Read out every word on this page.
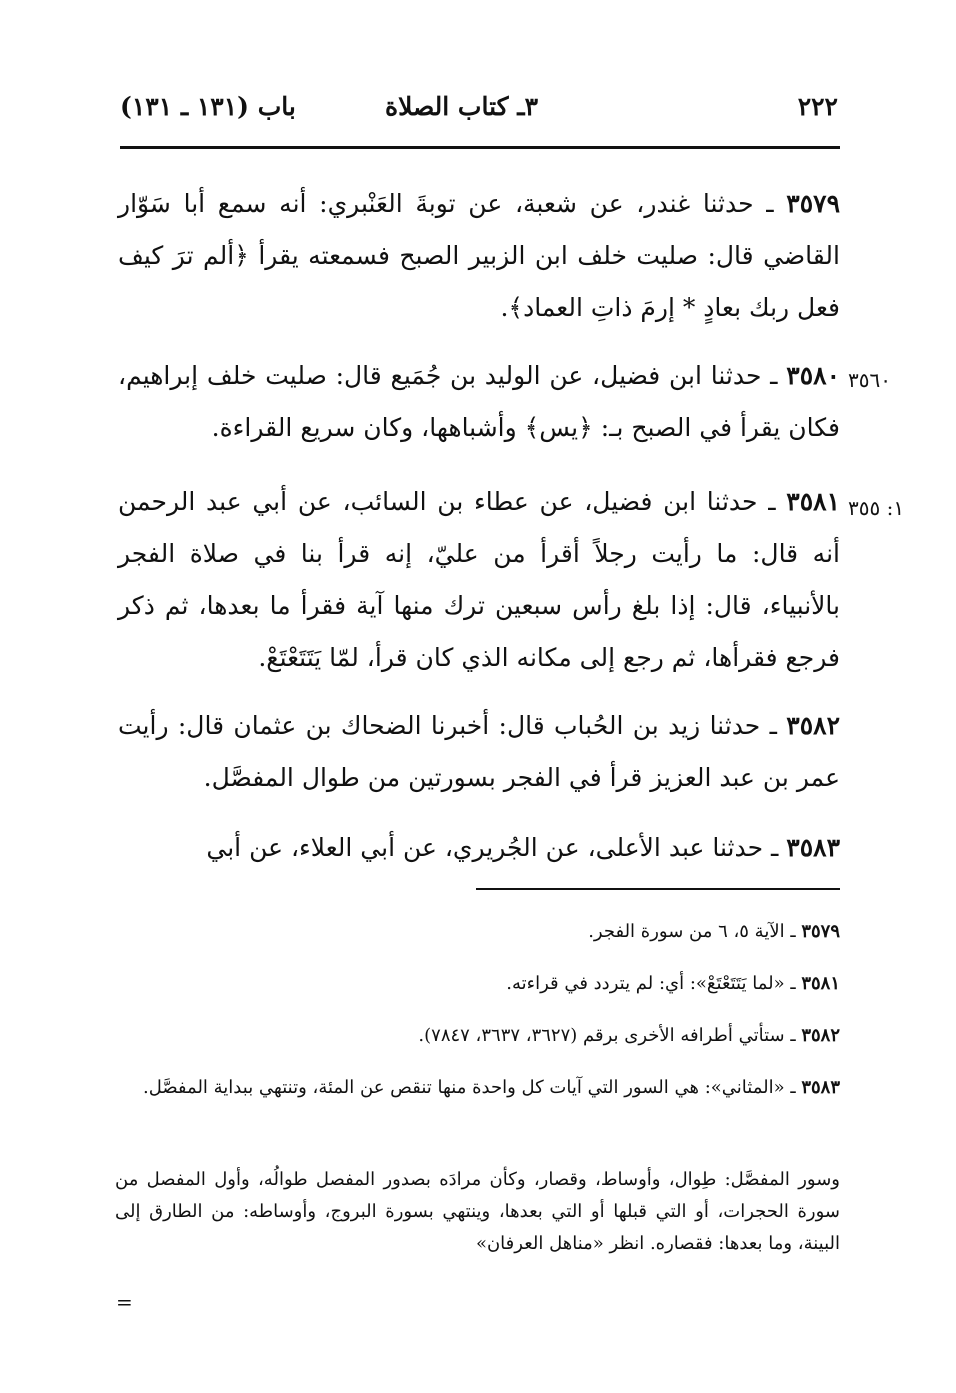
٢٢٢
٣ـ كتاب الصلاة
باب (١٣١ ـ ١٣١)
٣٥٧٩ ـ حدثنا غندر، عن شعبة، عن توبةَ العَنْبري: أنه سمع أبا سَوّار القاضي قال: صليت خلف ابن الزبير الصبح فسمعته يقرأ ﴿ألم ترَ كيف فعل ربك بعادٍ * إرمَ ذاتِ العماد﴾.
٣٥٦٠
٣٥٨٠ ـ حدثنا ابن فضيل، عن الوليد بن جُمَيع قال: صليت خلف إبراهيم، فكان يقرأ في الصبح بـ: ﴿يس﴾ وأشباهها، وكان سريع القراءة.
١: ٣٥٥
٣٥٨١ ـ حدثنا ابن فضيل، عن عطاء بن السائب، عن أبي عبد الرحمن أنه قال: ما رأيت رجلاً أقرأ من عليّ، إنه قرأ بنا في صلاة الفجر بالأنبياء، قال: إذا بلغ رأس سبعين ترك منها آية فقرأ ما بعدها، ثم ذكر فرجع فقرأها، ثم رجع إلى مكانه الذي كان قرأ، لمّا يَتَتَعْتَعْ.
٣٥٨٢ ـ حدثنا زيد بن الحُباب قال: أخبرنا الضحاك بن عثمان قال: رأيت عمر بن عبد العزيز قرأ في الفجر بسورتين من طوال المفصَّل.
٣٥٨٣ ـ حدثنا عبد الأعلى، عن الجُريري، عن أبي العلاء، عن أبي
٣٥٧٩ ـ الآية ٥، ٦ من سورة الفجر.
٣٥٨١ ـ «لما يَتَتَعْتَعْ»: أي: لم يتردد في قراءته.
٣٥٨٢ ـ ستأتي أطرافه الأخرى برقم (٣٦٢٧، ٣٦٣٧، ٧٨٤٧).
٣٥٨٣ ـ «المثاني»: هي السور التي آيات كل واحدة منها تنقص عن المئة، وتنتهي ببداية المفصَّل.
وسور المفصَّل: طِوال، وأوساط، وقصار، وكأن مرادَه بصدور المفصل طوالُه، وأول المفصل من سورة الحجرات، أو التي قبلها أو التي بعدها، وينتهي بسورة البروج، وأوساطه: من الطارق إلى البينة، وما بعدها: فقصاره. انظر «مناهل العرفان»
=
